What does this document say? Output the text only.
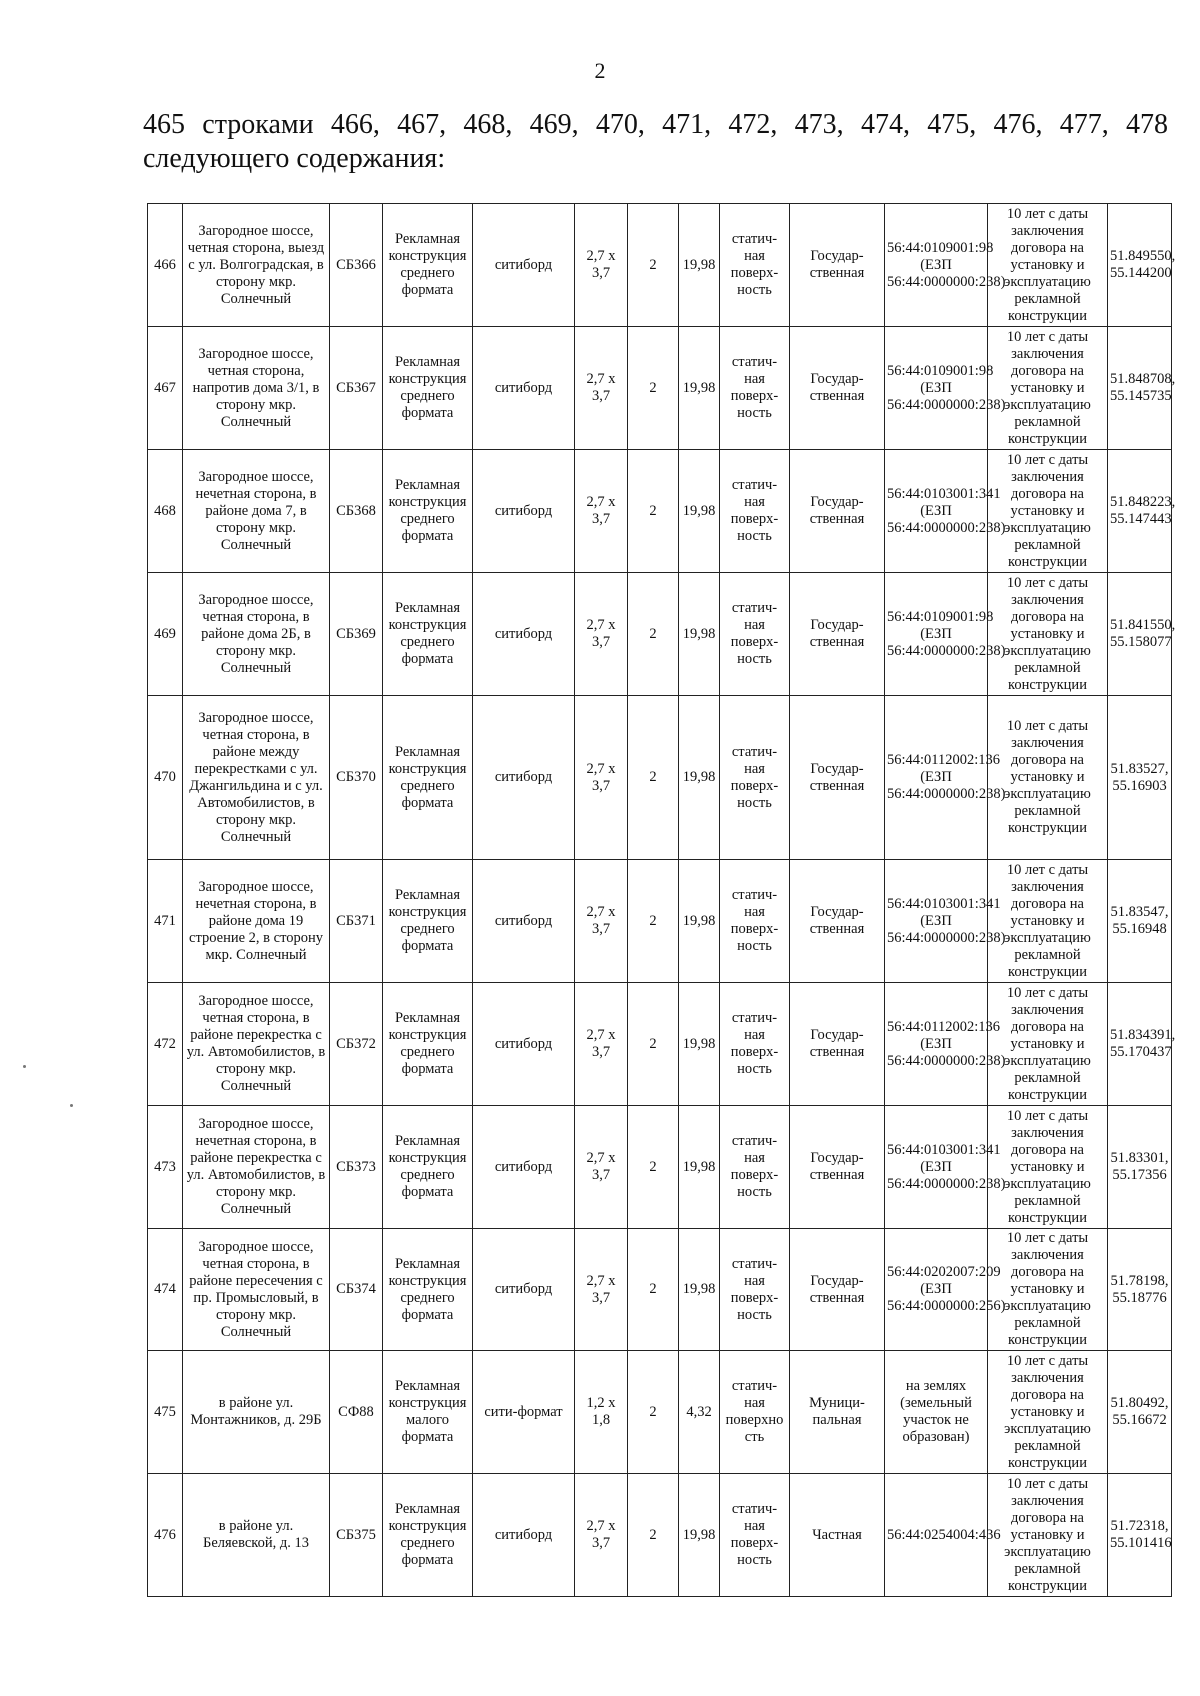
2
465 строками 466, 467, 468, 469, 470, 471, 472, 473, 474, 475, 476, 477, 478
следующего содержания:
466	Загородное шоссе, четная сторона, выезд с ул. Волгоградская, в сторону мкр. Солнечный	СБ366	Рекламная конструкция среднего формата	ситиборд	2,7 х 3,7	2	19,98	статич-ная поверх-ность	Государ-ственная	56:44:0109001:98 (ЕЗП 56:44:0000000:238)	10 лет с даты заключения договора на установку и эксплуатацию рекламной конструкции	51.849550, 55.144200
467	Загородное шоссе, четная сторона, напротив дома 3/1, в сторону мкр. Солнечный	СБ367	Рекламная конструкция среднего формата	ситиборд	2,7 х 3,7	2	19,98	статич-ная поверх-ность	Государ-ственная	56:44:0109001:98 (ЕЗП 56:44:0000000:238)	10 лет с даты заключения договора на установку и эксплуатацию рекламной конструкции	51.848708, 55.145735
468	Загородное шоссе, нечетная сторона, в районе дома 7, в сторону мкр. Солнечный	СБ368	Рекламная конструкция среднего формата	ситиборд	2,7 х 3,7	2	19,98	статич-ная поверх-ность	Государ-ственная	56:44:0103001:341 (ЕЗП 56:44:0000000:238)	10 лет с даты заключения договора на установку и эксплуатацию рекламной конструкции	51.848223, 55.147443
469	Загородное шоссе, четная сторона, в районе дома 2Б, в сторону мкр. Солнечный	СБ369	Рекламная конструкция среднего формата	ситиборд	2,7 х 3,7	2	19,98	статич-ная поверх-ность	Государ-ственная	56:44:0109001:98 (ЕЗП 56:44:0000000:238)	10 лет с даты заключения договора на установку и эксплуатацию рекламной конструкции	51.841550, 55.158077
470	Загородное шоссе, четная сторона, в районе между перекрестками с ул. Джангильдина и с ул. Автомобилистов, в сторону мкр. Солнечный	СБ370	Рекламная конструкция среднего формата	ситиборд	2,7 х 3,7	2	19,98	статич-ная поверх-ность	Государ-ственная	56:44:0112002:136 (ЕЗП 56:44:0000000:238)	10 лет с даты заключения договора на установку и эксплуатацию рекламной конструкции	51.83527, 55.16903
471	Загородное шоссе, нечетная сторона, в районе дома 19 строение 2, в сторону мкр. Солнечный	СБ371	Рекламная конструкция среднего формата	ситиборд	2,7 х 3,7	2	19,98	статич-ная поверх-ность	Государ-ственная	56:44:0103001:341 (ЕЗП 56:44:0000000:238)	10 лет с даты заключения договора на установку и эксплуатацию рекламной конструкции	51.83547, 55.16948
472	Загородное шоссе, четная сторона, в районе перекрестка с ул. Автомобилистов, в сторону мкр. Солнечный	СБ372	Рекламная конструкция среднего формата	ситиборд	2,7 х 3,7	2	19,98	статич-ная поверх-ность	Государ-ственная	56:44:0112002:136 (ЕЗП 56:44:0000000:238)	10 лет с даты заключения договора на установку и эксплуатацию рекламной конструкции	51.834391, 55.170437
473	Загородное шоссе, нечетная сторона, в районе перекрестка с ул. Автомобилистов, в сторону мкр. Солнечный	СБ373	Рекламная конструкция среднего формата	ситиборд	2,7 х 3,7	2	19,98	статич-ная поверх-ность	Государ-ственная	56:44:0103001:341 (ЕЗП 56:44:0000000:238)	10 лет с даты заключения договора на установку и эксплуатацию рекламной конструкции	51.83301, 55.17356
474	Загородное шоссе, четная сторона, в районе пересечения с пр. Промысловый, в сторону мкр. Солнечный	СБ374	Рекламная конструкция среднего формата	ситиборд	2,7 х 3,7	2	19,98	статич-ная поверх-ность	Государ-ственная	56:44:0202007:209 (ЕЗП 56:44:0000000:256)	10 лет с даты заключения договора на установку и эксплуатацию рекламной конструкции	51.78198, 55.18776
475	в районе ул. Монтажников, д. 29Б	СФ88	Рекламная конструкция малого формата	сити-формат	1,2 х 1,8	2	4,32	статич-ная поверхно сть	Муници-пальная	на землях (земельный участок не образован)	10 лет с даты заключения договора на установку и эксплуатацию рекламной конструкции	51.80492, 55.16672
476	в районе ул. Беляевской, д. 13	СБ375	Рекламная конструкция среднего формата	ситиборд	2,7 х 3,7	2	19,98	статич-ная поверх-ность	Частная	56:44:0254004:436	10 лет с даты заключения договора на установку и эксплуатацию рекламной конструкции	51.72318, 55.101416
